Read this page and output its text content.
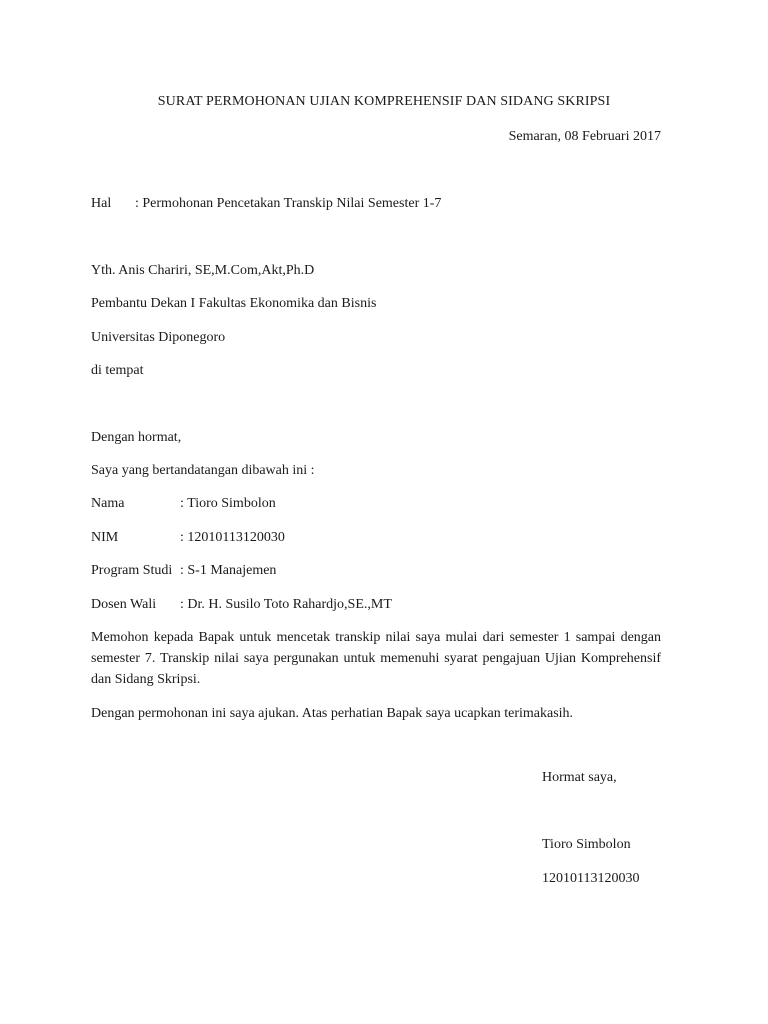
SURAT PERMOHONAN UJIAN KOMPREHENSIF DAN SIDANG SKRIPSI
Semaran, 08 Februari 2017
Hal : Permohonan Pencetakan Transkip Nilai Semester 1-7
Yth. Anis Chariri, SE,M.Com,Akt,Ph.D
Pembantu Dekan I Fakultas Ekonomika dan Bisnis
Universitas Diponegoro
di tempat
Dengan hormat,
Saya yang bertandatangan dibawah ini :
Nama	: Tioro Simbolon
NIM	: 12010113120030
Program Studi : S-1 Manajemen
Dosen Wali : Dr. H. Susilo Toto Rahardjo,SE.,MT
Memohon kepada Bapak untuk mencetak transkip nilai saya mulai dari semester 1 sampai dengan semester 7. Transkip nilai saya pergunakan untuk memenuhi syarat pengajuan Ujian Komprehensif dan Sidang Skripsi.
Dengan permohonan ini saya ajukan. Atas perhatian Bapak saya ucapkan terimakasih.
Hormat saya,
Tioro Simbolon
12010113120030
